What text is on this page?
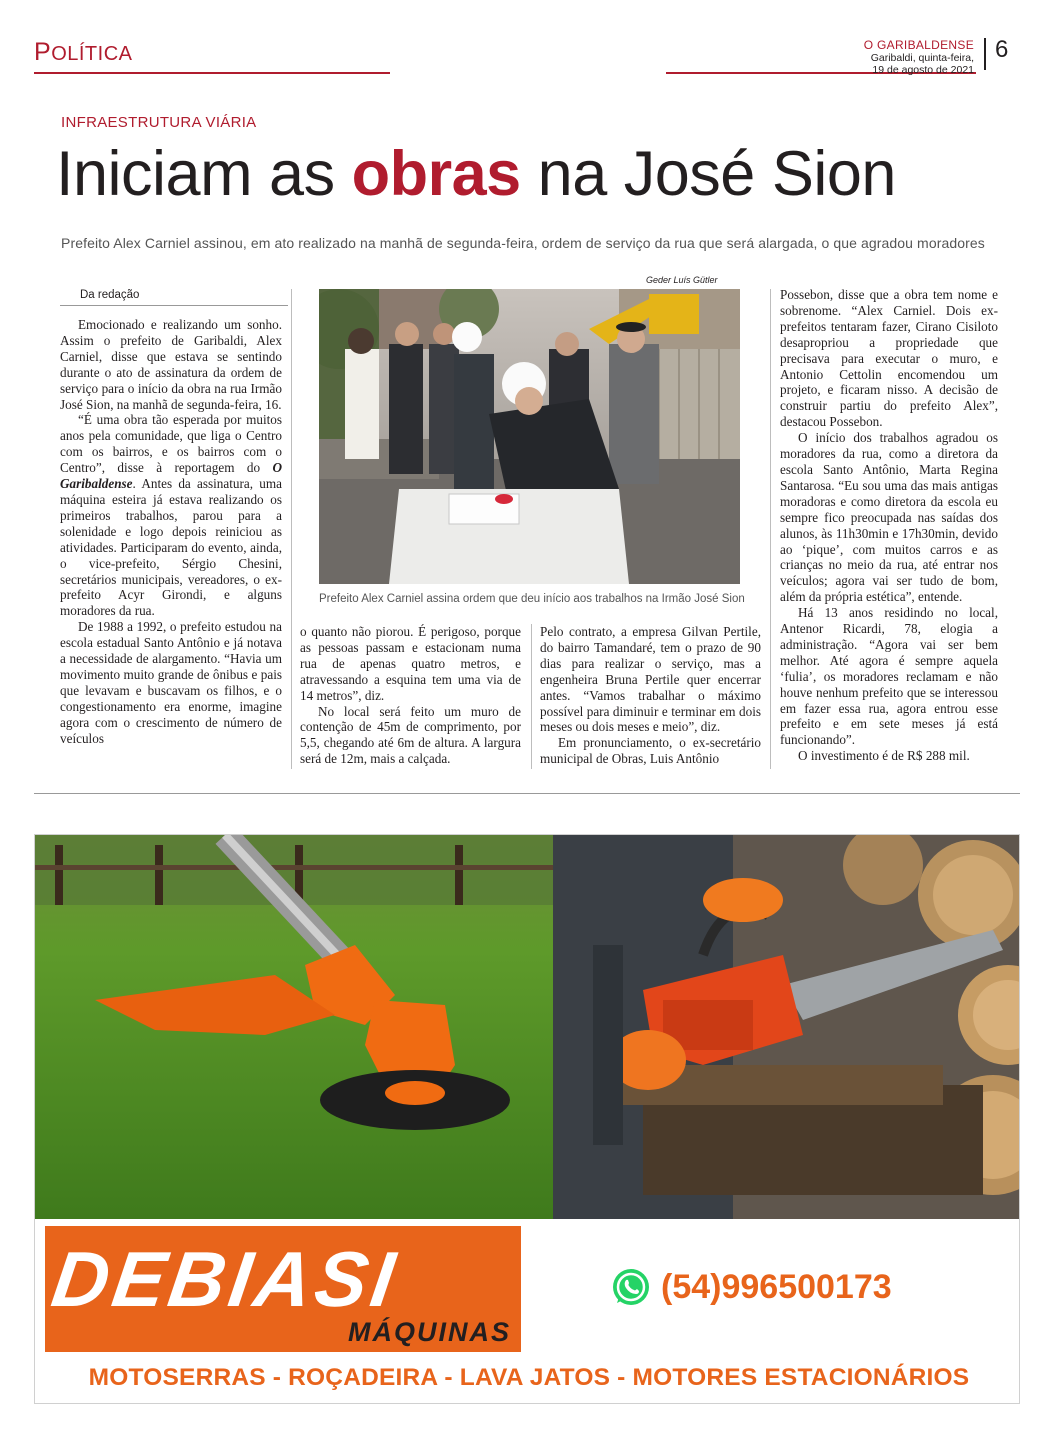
POLÍTICA	O GARIBALDENSE
Garibaldi, quinta-feira,
19 de agosto de 2021
6
INFRAESTRUTURA VIÁRIA
Iniciam as obras na José Sion
Prefeito Alex Carniel assinou, em ato realizado na manhã de segunda-feira, ordem de serviço da rua que será alargada, o que agradou moradores
Da redação

Emocionado e realizando um sonho. Assim o prefeito de Garibaldi, Alex Carniel, disse que estava se sentindo durante o ato de assinatura da ordem de serviço para o início da obra na rua Irmão José Sion, na manhã de segunda-feira, 16.

“É uma obra tão esperada por muitos anos pela comunidade, que liga o Centro com os bairros, e os bairros com o Centro”, disse à reportagem do O Garibaldense. Antes da assinatura, uma máquina esteira já estava realizando os primeiros trabalhos, parou para a solenidade e logo depois reiniciou as atividades. Participaram do evento, ainda, o vice-prefeito, Sérgio Chesini, secretários municipais, vereadores, o ex-prefeito Acyr Girondi, e alguns moradores da rua.

De 1988 a 1992, o prefeito estudou na escola estadual Santo Antônio e já notava a necessidade de alargamento. “Havia um movimento muito grande de ônibus e pais que levavam e buscavam os filhos, e o congestionamento era enorme, imagine agora com o crescimento de número de veículos

Geder Luís Gütler
Prefeito Alex Carniel assina ordem que deu início aos trabalhos na Irmão José Sion

o quanto não piorou. É perigoso, porque as pessoas passam e estacionam numa rua de apenas quatro metros, e atravessando a esquina tem uma via de 14 metros”, diz.

No local será feito um muro de contenção de 45m de comprimento, por 5,5, chegando até 6m de altura. A largura será de 12m, mais a calçada.

Pelo contrato, a empresa Gilvan Pertile, do bairro Tamandaré, tem o prazo de 90 dias para realizar o serviço, mas a engenheira Bruna Pertile quer encerrar antes. “Vamos trabalhar o máximo possível para diminuir e terminar em dois meses ou dois meses e meio”, diz.

Em pronunciamento, o ex-secretário municipal de Obras, Luis Antônio

Possebon, disse que a obra tem nome e sobrenome. “Alex Carniel. Dois ex-prefeitos tentaram fazer, Cirano Cisiloto desapropriou a propriedade que precisava para executar o muro, e Antonio Cettolin encomendou um projeto, e ficaram nisso. A decisão de construir partiu do prefeito Alex”, destacou Possebon.

O início dos trabalhos agradou os moradores da rua, como a diretora da escola Santo Antônio, Marta Regina Santarosa. “Eu sou uma das mais antigas moradoras e como diretora da escola eu sempre fico preocupada nas saídas dos alunos, às 11h30min e 17h30min, devido ao ‘pique’, com muitos carros e as crianças no meio da rua, até entrar nos veículos; agora vai ser tudo de bom, além da própria estética”, entende.

Há 13 anos residindo no local, Antenor Ricardi, 78, elogia a administração. “Agora vai ser bem melhor. Até agora é sempre aquela ‘fulia’, os moradores reclamam e não houve nenhum prefeito que se interessou em fazer essa rua, agora entrou esse prefeito e em sete meses já está funcionando”.

O investimento é de R$ 288 mil.

DEBIASI
MÁQUINAS
(54)996500173
MOTOSERRAS - ROÇADEIRA - LAVA JATOS - MOTORES ESTACIONÁRIOS
